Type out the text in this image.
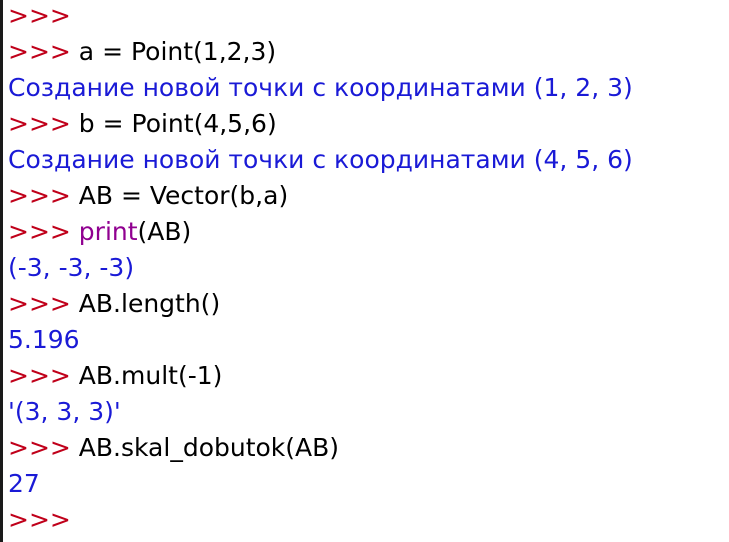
>>>
>>> a = Point(1,2,3)
Создание новой точки с координатами (1, 2, 3)
>>> b = Point(4,5,6)
Создание новой точки с координатами (4, 5, 6)
>>> AB = Vector(b,a)
>>> print(AB)
(-3, -3, -3)
>>> AB.length()
5.196
>>> AB.mult(-1)
'(3, 3, 3)'
>>> AB.skal_dobutok(AB)
27
>>>
